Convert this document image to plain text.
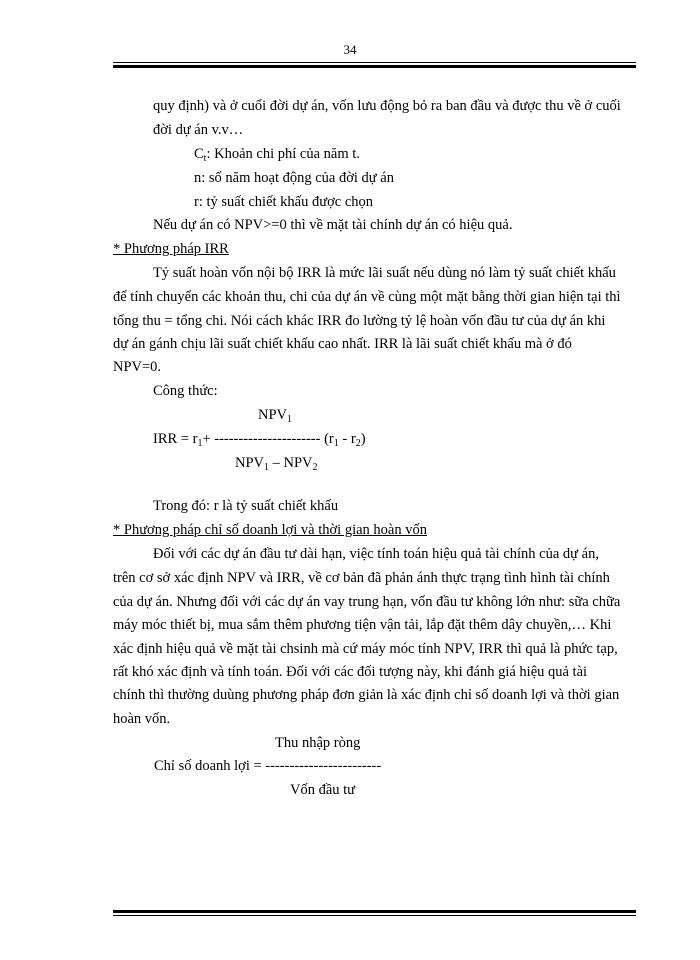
34
quy định) và ở cuối đời dự án, vốn lưu động bỏ ra ban đầu và được thu về ở cuối
đời dự án v.v…
$C_t$: Khoản chi phí của năm t.
n: số năm hoạt động của đời dự án
r: tỷ suất chiết khấu được chọn
Nếu dự án có NPV>=0 thì về mặt tài chính dự án có hiệu quả.
* Phương pháp IRR
Tỷ suất hoàn vốn nội bộ IRR là mức lãi suất nếu dùng nó làm tỷ suất chiết khấu
để tính chuyển các khoản thu, chi của dự án về cùng một mặt bằng thời gian hiện tại thì
tổng thu = tổng chi. Nói cách khác IRR đo lường tỷ lệ hoàn vốn đầu tư của dự án khi
dự án gánh chịu lãi suất chiết khấu cao nhất. IRR là lãi suất chiết khấu mà ở đó
NPV=0.
Công thức:
$NPV_1$
IRR = $r_1+$ ---------------------- $(r_1 - r_2)$
$NPV_1 - NPV_2$
Trong đó: r là tỷ suất chiết khấu
* Phương pháp chỉ số doanh lợi và thời gian hoàn vốn
Đối với các dự án đầu tư dài hạn, việc tính toán hiệu quả tài chính của dự án,
trên cơ sở xác định NPV và IRR, về cơ bản đã phản ánh thực trạng tình hình tài chính
của dự án. Nhưng đối với các dự án vay trung hạn, vốn đầu tư không lớn như: sữa chữa
máy móc thiết bị, mua sắm thêm phương tiện vận tải, lắp đặt thêm dây chuyền,… Khi
xác định hiệu quả về mặt tài chsinh mà cứ máy móc tính NPV, IRR thì quả là phức tạp,
rất khó xác định và tính toán. Đối với các đối tượng này, khi đánh giá hiệu quả tài
chính thì thường duùng phương pháp đơn giản là xác định chỉ số doanh lợi và thời gian
hoàn vốn.
Thu nhập ròng
Chỉ số doanh lợi = ------------------------
Vốn đầu tư
